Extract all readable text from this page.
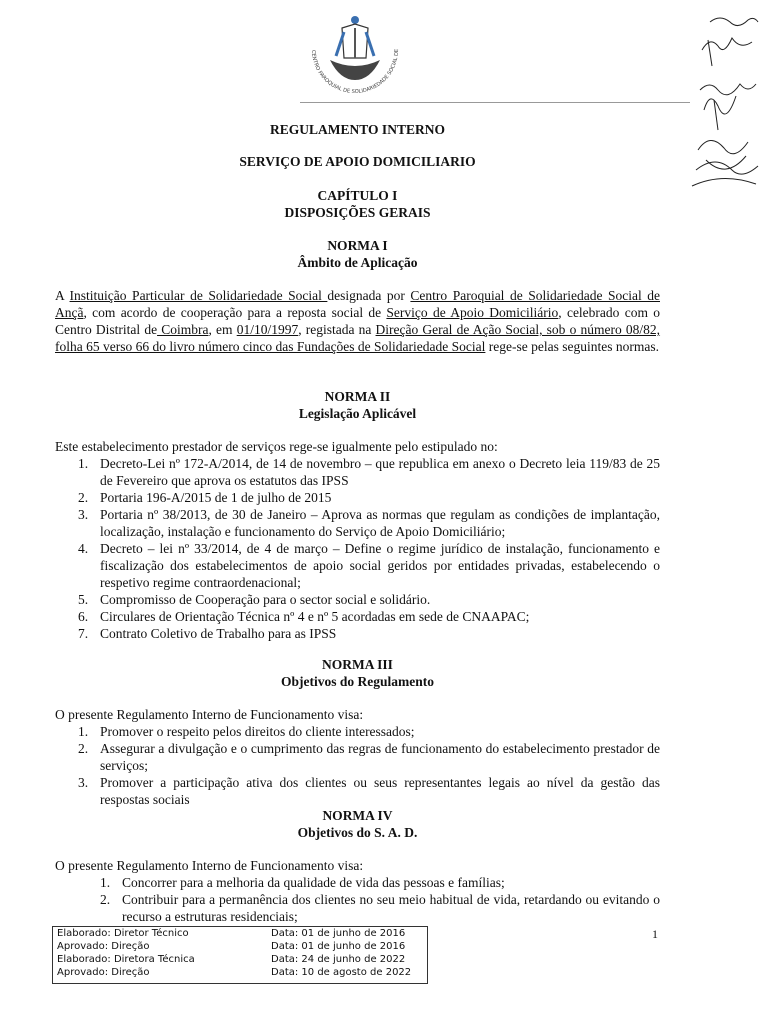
CENTRO PAROQUIAL DE SOLIDARIEDADE SOCIAL DE
REGULAMENTO INTERNO
SERVIÇO DE APOIO DOMICILIARIO
CAPÍTULO I
DISPOSIÇÕES GERAIS
NORMA I
Âmbito de Aplicação
A Instituição Particular de Solidariedade Social designada por Centro Paroquial de Solidariedade Social de Ançã, com acordo de cooperação para a reposta social de Serviço de Apoio Domiciliário, celebrado com o Centro Distrital de Coimbra, em 01/10/1997, registada na Direção Geral de Ação Social, sob o número 08/82, folha 65 verso 66 do livro número cinco das Fundações de Solidariedade Social rege-se pelas seguintes normas.
NORMA II
Legislação Aplicável
Este estabelecimento prestador de serviços rege-se igualmente pelo estipulado no:
1. Decreto-Lei nº 172-A/2014, de 14 de novembro – que republica em anexo o Decreto leia 119/83 de 25 de Fevereiro que aprova os estatutos das IPSS
2. Portaria 196-A/2015 de 1 de julho de 2015
3. Portaria nº 38/2013, de 30 de Janeiro – Aprova as normas que regulam as condições de implantação, localização, instalação e funcionamento do Serviço de Apoio Domiciliário;
4. Decreto – lei nº 33/2014, de 4 de março – Define o regime jurídico de instalação, funcionamento e fiscalização dos estabelecimentos de apoio social geridos por entidades privadas, estabelecendo o respetivo regime contraordenacional;
5. Compromisso de Cooperação para o sector social e solidário.
6. Circulares de Orientação Técnica nº 4 e nº 5 acordadas em sede de CNAAPAC;
7. Contrato Coletivo de Trabalho para as IPSS
NORMA III
Objetivos do Regulamento
O presente Regulamento Interno de Funcionamento visa:
1. Promover o respeito pelos direitos do cliente interessados;
2. Assegurar a divulgação e o cumprimento das regras de funcionamento do estabelecimento prestador de serviços;
3. Promover a participação ativa dos clientes ou seus representantes legais ao nível da gestão das respostas sociais
NORMA IV
Objetivos do S. A. D.
O presente Regulamento Interno de Funcionamento visa:
1. Concorrer para a melhoria da qualidade de vida das pessoas e famílias;
2. Contribuir para a permanência dos clientes no seu meio habitual de vida, retardando ou evitando o recurso a estruturas residenciais;
Elaborado: Diretor Técnico	Data: 01 de junho de 2016
Aprovado: Direção	Data: 01 de junho de 2016
Elaborado: Diretora Técnica	Data: 24 de junho de 2022
Aprovado: Direção	Data: 10 de agosto de 2022
1
